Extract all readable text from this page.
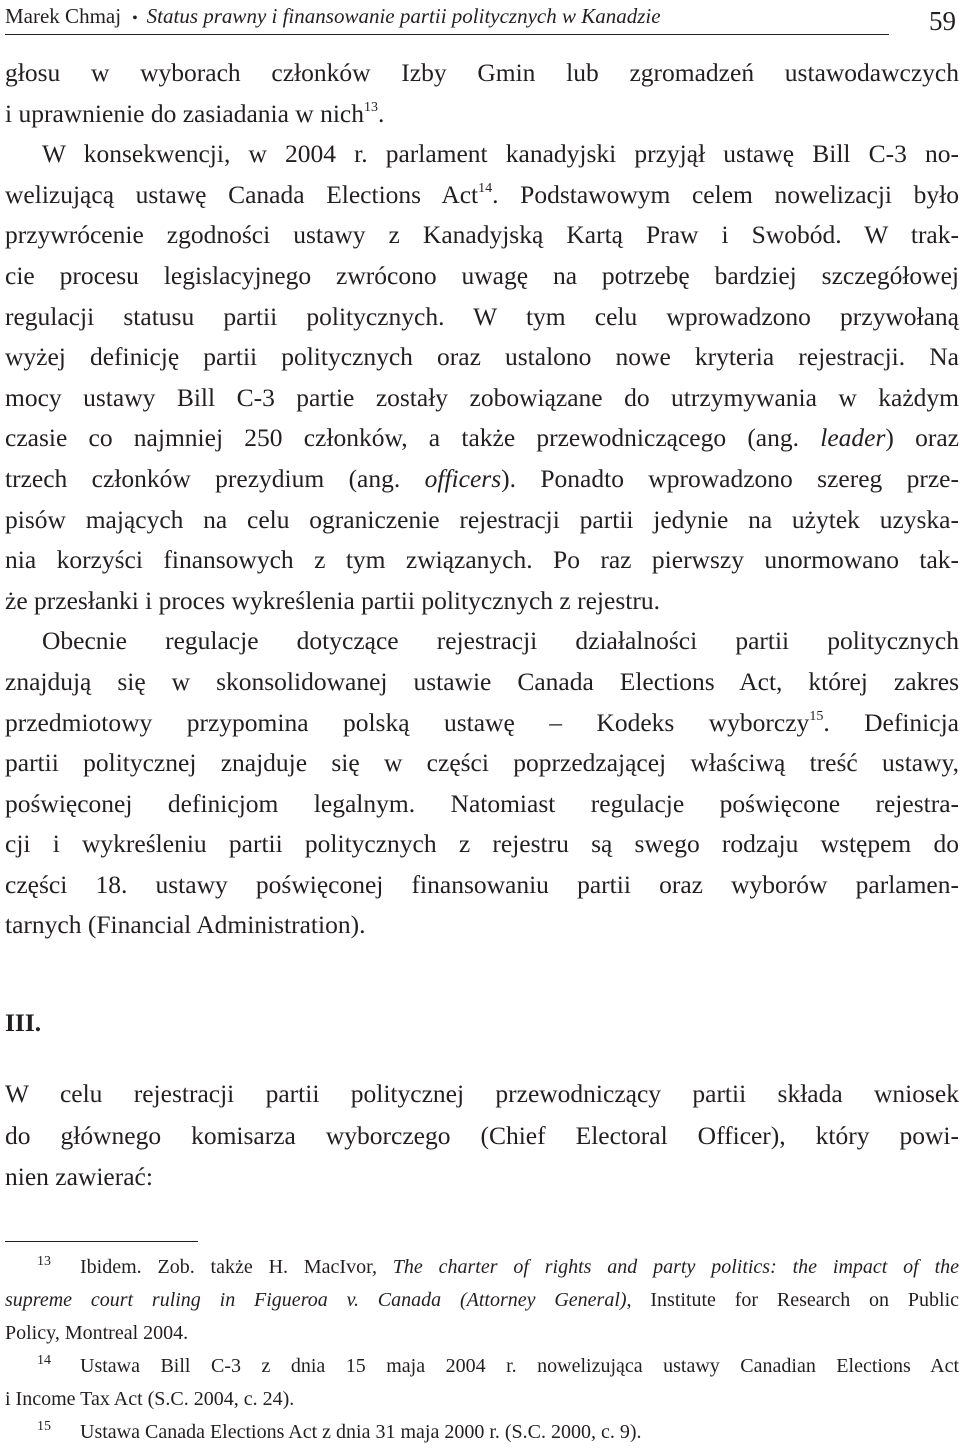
Marek Chmaj • Status prawny i finansowanie partii politycznych w Kanadzie	59
głosu w wyborach członków Izby Gmin lub zgromadzeń ustawodawczych
i uprawnienie do zasiadania w nich$^{13}$.
W konsekwencji, w 2004 r. parlament kanadyjski przyjął ustawę Bill C-3 no-
welizującą ustawę Canada Elections Act$^{14}$. Podstawowym celem nowelizacji było
przywrócenie zgodności ustawy z Kanadyjską Kartą Praw i Swobód. W trak-
cie procesu legislacyjnego zwrócono uwagę na potrzebę bardziej szczegółowej
regulacji statusu partii politycznych. W tym celu wprowadzono przywołaną
wyżej definicję partii politycznych oraz ustalono nowe kryteria rejestracji. Na
mocy ustawy Bill C-3 partie zostały zobowiązane do utrzymywania w każdym
czasie co najmniej 250 członków, a także przewodniczącego (ang. leader) oraz
trzech członków prezydium (ang. officers). Ponadto wprowadzono szereg prze-
pisów mających na celu ograniczenie rejestracji partii jedynie na użytek uzyska-
nia korzyści finansowych z tym związanych. Po raz pierwszy unormowano tak-
że przesłanki i proces wykreślenia partii politycznych z rejestru.
Obecnie regulacje dotyczące rejestracji działalności partii politycznych
znajdują się w skonsolidowanej ustawie Canada Elections Act, której zakres
przedmiotowy przypomina polską ustawę – Kodeks wyborczy$^{15}$. Definicja
partii politycznej znajduje się w części poprzedzającej właściwą treść ustawy,
poświęconej definicjom legalnym. Natomiast regulacje poświęcone rejestra-
cji i wykreśleniu partii politycznych z rejestru są swego rodzaju wstępem do
części 18. ustawy poświęconej finansowaniu partii oraz wyborów parlamen-
tarnych (Financial Administration).
III.
W celu rejestracji partii politycznej przewodniczący partii składa wniosek
do głównego komisarza wyborczego (Chief Electoral Officer), który powi-
nien zawierać:
13 Ibidem. Zob. także H. MacIvor, The charter of rights and party politics: the impact of the
supreme court ruling in Figueroa v. Canada (Attorney General), Institute for Research on Public
Policy, Montreal 2004.
14 Ustawa Bill C-3 z dnia 15 maja 2004 r. nowelizująca ustawy Canadian Elections Act
i Income Tax Act (S.C. 2004, c. 24).
15 Ustawa Canada Elections Act z dnia 31 maja 2000 r. (S.C. 2000, c. 9).
